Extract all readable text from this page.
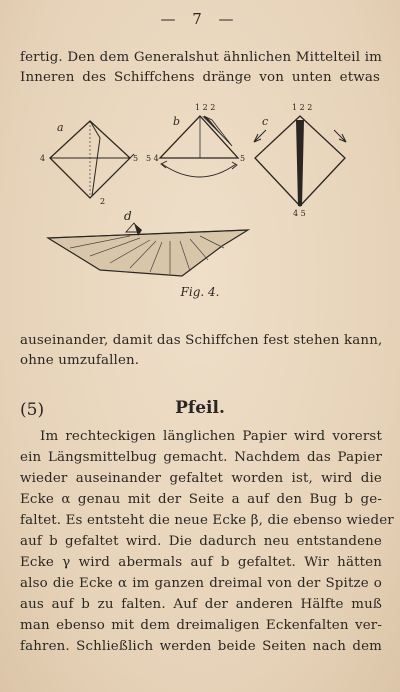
— 7 —
fertig. Den dem Generalshut ähnlichen Mittelteil im
Inneren des Schiffchens dränge von unten etwas
a
4	5
2
b
1 2 2
5 4	5
c
1 2 2
4 5
d
Fig. 4.
auseinander, damit das Schiffchen fest stehen kann,
ohne umzufallen.
(5)	Pfeil.
Im rechteckigen länglichen Papier wird vorerst
ein Längsmittelbug gemacht. Nachdem das Papier
wieder auseinander gefaltet worden ist, wird die
Ecke α genau mit der Seite a auf den Bug b ge-
faltet. Es entsteht die neue Ecke β, die ebenso wieder
auf b gefaltet wird. Die dadurch neu entstandene
Ecke γ wird abermals auf b gefaltet. Wir hätten
also die Ecke α im ganzen dreimal von der Spitze o
aus auf b zu falten. Auf der anderen Hälfte muß
man ebenso mit dem dreimaligen Eckenfalten ver-
fahren. Schließlich werden beide Seiten nach dem
